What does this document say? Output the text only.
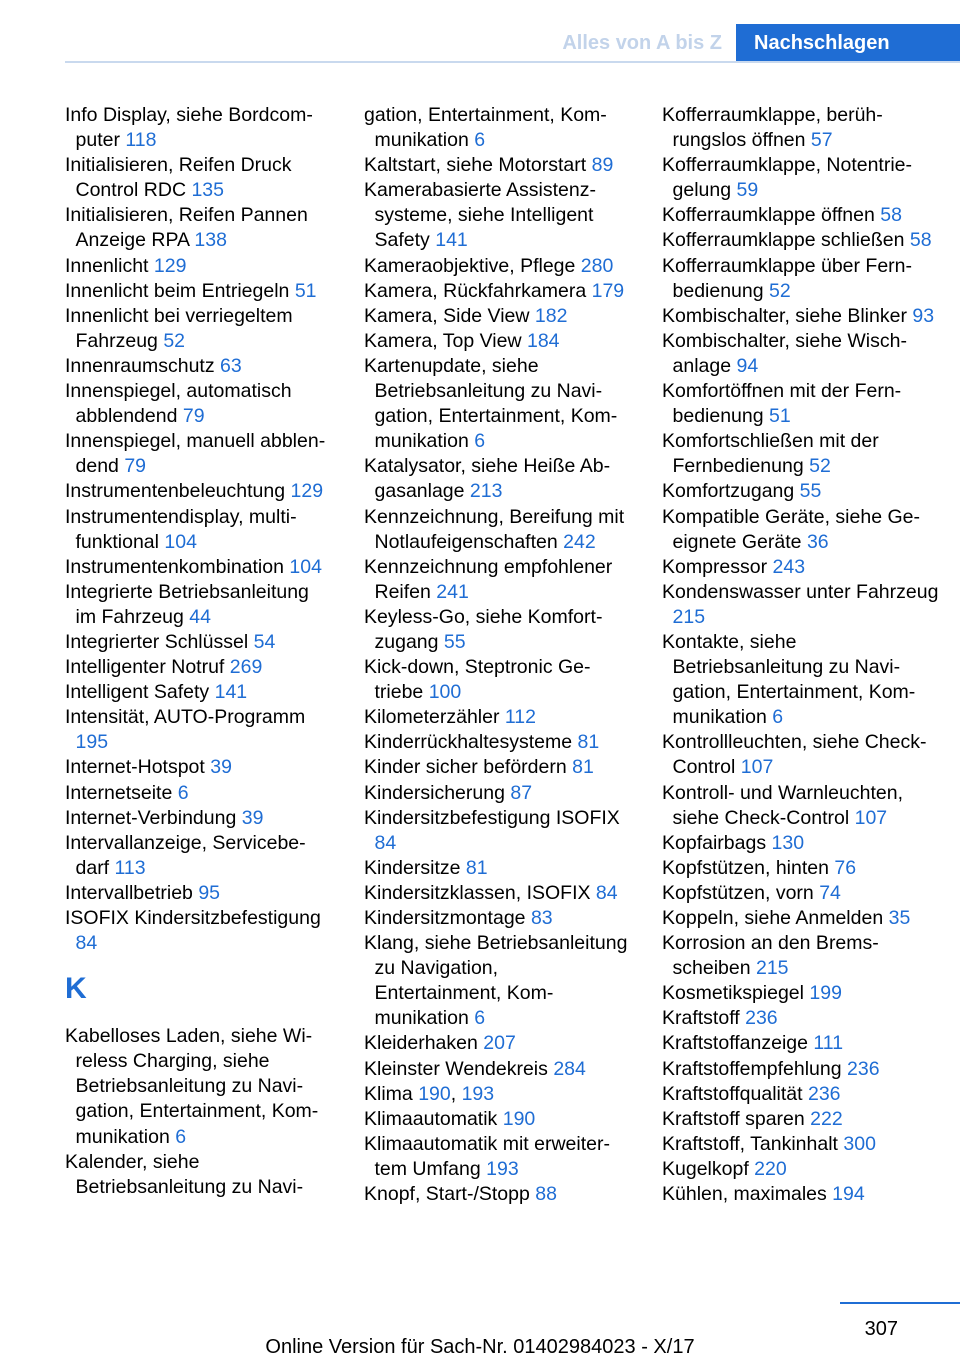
Alles von A bis Z	Nachschlagen
Info Display, siehe Bordcomputer 118
Initialisieren, Reifen Druck Control RDC 135
Initialisieren, Reifen Pannen Anzeige RPA 138
Innenlicht 129
Innenlicht beim Entriegeln 51
Innenlicht bei verriegeltem Fahrzeug 52
Innenraumschutz 63
Innenspiegel, automatisch abblendend 79
Innenspiegel, manuell abblendend 79
Instrumentenbeleuchtung 129
Instrumentendisplay, multifunktional 104
Instrumentenkombination 104
Integrierte Betriebsanleitung im Fahrzeug 44
Integrierter Schlüssel 54
Intelligenter Notruf 269
Intelligent Safety 141
Intensität, AUTO-Programm 195
Internet-Hotspot 39
Internetseite 6
Internet-Verbindung 39
Intervallanzeige, Servicebedarf 113
Intervallbetrieb 95
ISOFIX Kindersitzbefestigung 84
K
Kabelloses Laden, siehe Wireless Charging, siehe Betriebsanleitung zu Navigation, Entertainment, Kommunikation 6
Kalender, siehe Betriebsanleitung zu Navi-
gation, Entertainment, Kommunikation 6
Kaltstart, siehe Motorstart 89
Kamerabasierte Assistenzsysteme, siehe Intelligent Safety 141
Kameraobjektive, Pflege 280
Kamera, Rückfahrkamera 179
Kamera, Side View 182
Kamera, Top View 184
Kartenupdate, siehe Betriebsanleitung zu Navigation, Entertainment, Kommunikation 6
Katalysator, siehe Heiße Abgasanlage 213
Kennzeichnung, Bereifung mit Notlaufeigenschaften 242
Kennzeichnung empfohlener Reifen 241
Keyless-Go, siehe Komfortzugang 55
Kick-down, Steptronic Getriebe 100
Kilometerzähler 112
Kinderrückhaltesysteme 81
Kinder sicher befördern 81
Kindersicherung 87
Kindersitzbefestigung ISOFIX 84
Kindersitze 81
Kindersitzklassen, ISOFIX 84
Kindersitzmontage 83
Klang, siehe Betriebsanleitung zu Navigation, Entertainment, Kommunikation 6
Kleiderhaken 207
Kleinster Wendekreis 284
Klima 190, 193
Klimaautomatik 190
Klimaautomatik mit erweitertem Umfang 193
Knopf, Start-/Stopp 88
Kofferraumklappe, berührungslos öffnen 57
Kofferraumklappe, Notentriegelung 59
Kofferraumklappe öffnen 58
Kofferraumklappe schließen 58
Kofferraumklappe über Fernbedienung 52
Kombischalter, siehe Blinker 93
Kombischalter, siehe Wischanlage 94
Komfortöffnen mit der Fernbedienung 51
Komfortschließen mit der Fernbedienung 52
Komfortzugang 55
Kompatible Geräte, siehe Geeignete Geräte 36
Kompressor 243
Kondenswasser unter Fahrzeug 215
Kontakte, siehe Betriebsanleitung zu Navigation, Entertainment, Kommunikation 6
Kontrollleuchten, siehe Check-Control 107
Kontroll- und Warnleuchten, siehe Check-Control 107
Kopfairbags 130
Kopfstützen, hinten 76
Kopfstützen, vorn 74
Koppeln, siehe Anmelden 35
Korrosion an den Bremsscheiben 215
Kosmetikspiegel 199
Kraftstoff 236
Kraftstoffanzeige 111
Kraftstoffempfehlung 236
Kraftstoffqualität 236
Kraftstoff sparen 222
Kraftstoff, Tankinhalt 300
Kugelkopf 220
Kühlen, maximales 194
307
Online Version für Sach-Nr. 01402984023 - X/17
